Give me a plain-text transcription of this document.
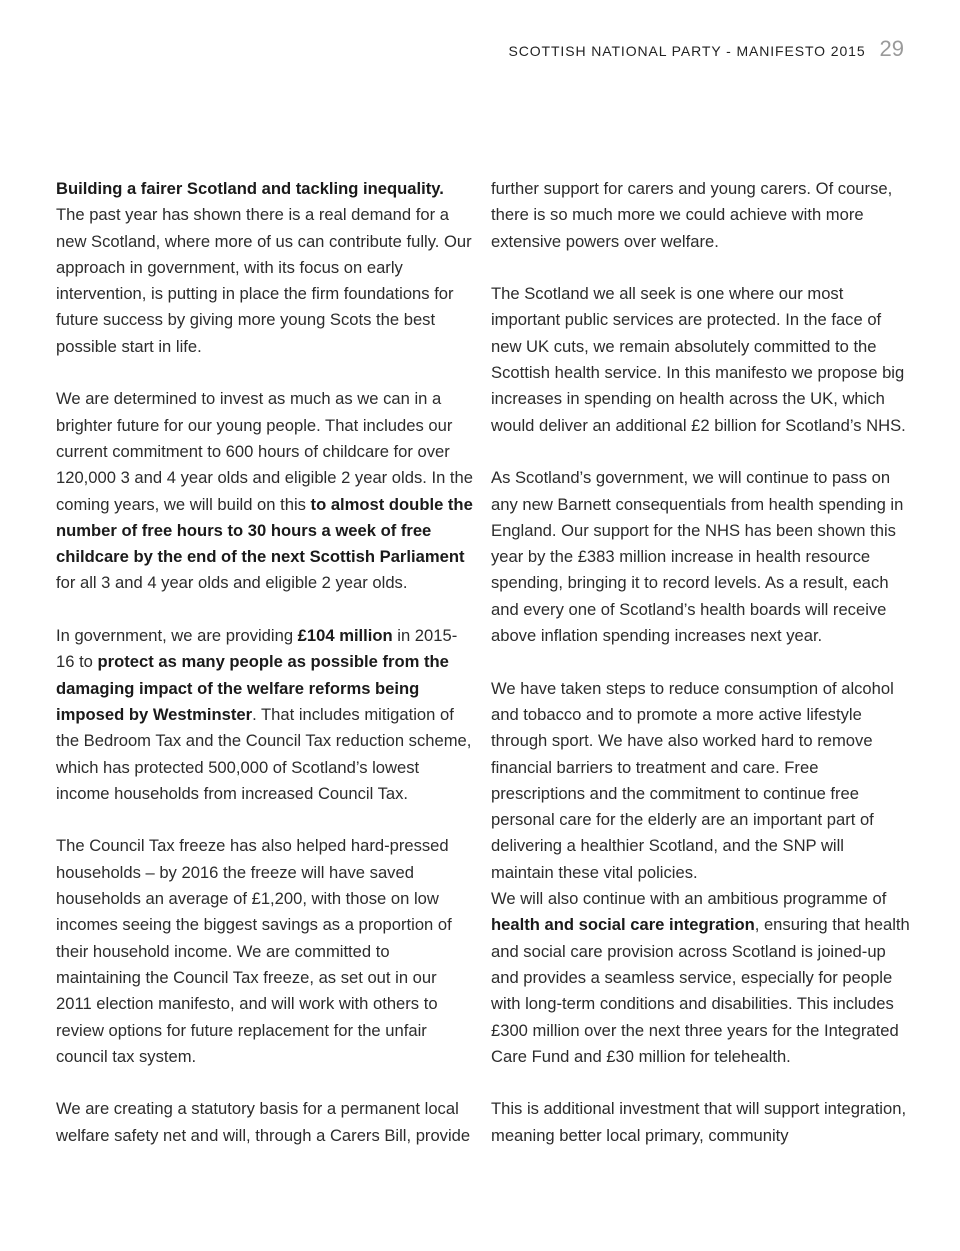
SCOTTISH NATIONAL PARTY - MANIFESTO 2015 29
Building a fairer Scotland and tackling inequality.

The past year has shown there is a real demand for a new Scotland, where more of us can contribute fully. Our approach in government, with its focus on early intervention, is putting in place the firm foundations for future success by giving more young Scots the best possible start in life.

We are determined to invest as much as we can in a brighter future for our young people. That includes our current commitment to 600 hours of childcare for over 120,000 3 and 4 year olds and eligible 2 year olds. In the coming years, we will build on this to almost double the number of free hours to 30 hours a week of free childcare by the end of the next Scottish Parliament for all 3 and 4 year olds and eligible 2 year olds.

In government, we are providing £104 million in 2015-16 to protect as many people as possible from the damaging impact of the welfare reforms being imposed by Westminster. That includes mitigation of the Bedroom Tax and the Council Tax reduction scheme, which has protected 500,000 of Scotland’s lowest income households from increased Council Tax.

The Council Tax freeze has also helped hard-pressed households – by 2016 the freeze will have saved households an average of £1,200, with those on low incomes seeing the biggest savings as a proportion of their household income. We are committed to maintaining the Council Tax freeze, as set out in our 2011 election manifesto, and will work with others to review options for future replacement for the unfair council tax system.

We are creating a statutory basis for a permanent local welfare safety net and will, through a Carers Bill, provide

further support for carers and young carers. Of course, there is so much more we could achieve with more extensive powers over welfare.

The Scotland we all seek is one where our most important public services are protected. In the face of new UK cuts, we remain absolutely committed to the Scottish health service. In this manifesto we propose big increases in spending on health across the UK, which would deliver an additional £2 billion for Scotland’s NHS.

As Scotland’s government, we will continue to pass on any new Barnett consequentials from health spending in England. Our support for the NHS has been shown this year by the £383 million increase in health resource spending, bringing it to record levels. As a result, each and every one of Scotland’s health boards will receive above inflation spending increases next year.

We have taken steps to reduce consumption of alcohol and tobacco and to promote a more active lifestyle through sport. We have also worked hard to remove financial barriers to treatment and care. Free prescriptions and the commitment to continue free personal care for the elderly are an important part of delivering a healthier Scotland, and the SNP will maintain these vital policies.

We will also continue with an ambitious programme of health and social care integration, ensuring that health and social care provision across Scotland is joined-up and provides a seamless service, especially for people with long-term conditions and disabilities. This includes £300 million over the next three years for the Integrated Care Fund and £30 million for telehealth.

This is additional investment that will support integration, meaning better local primary, community
